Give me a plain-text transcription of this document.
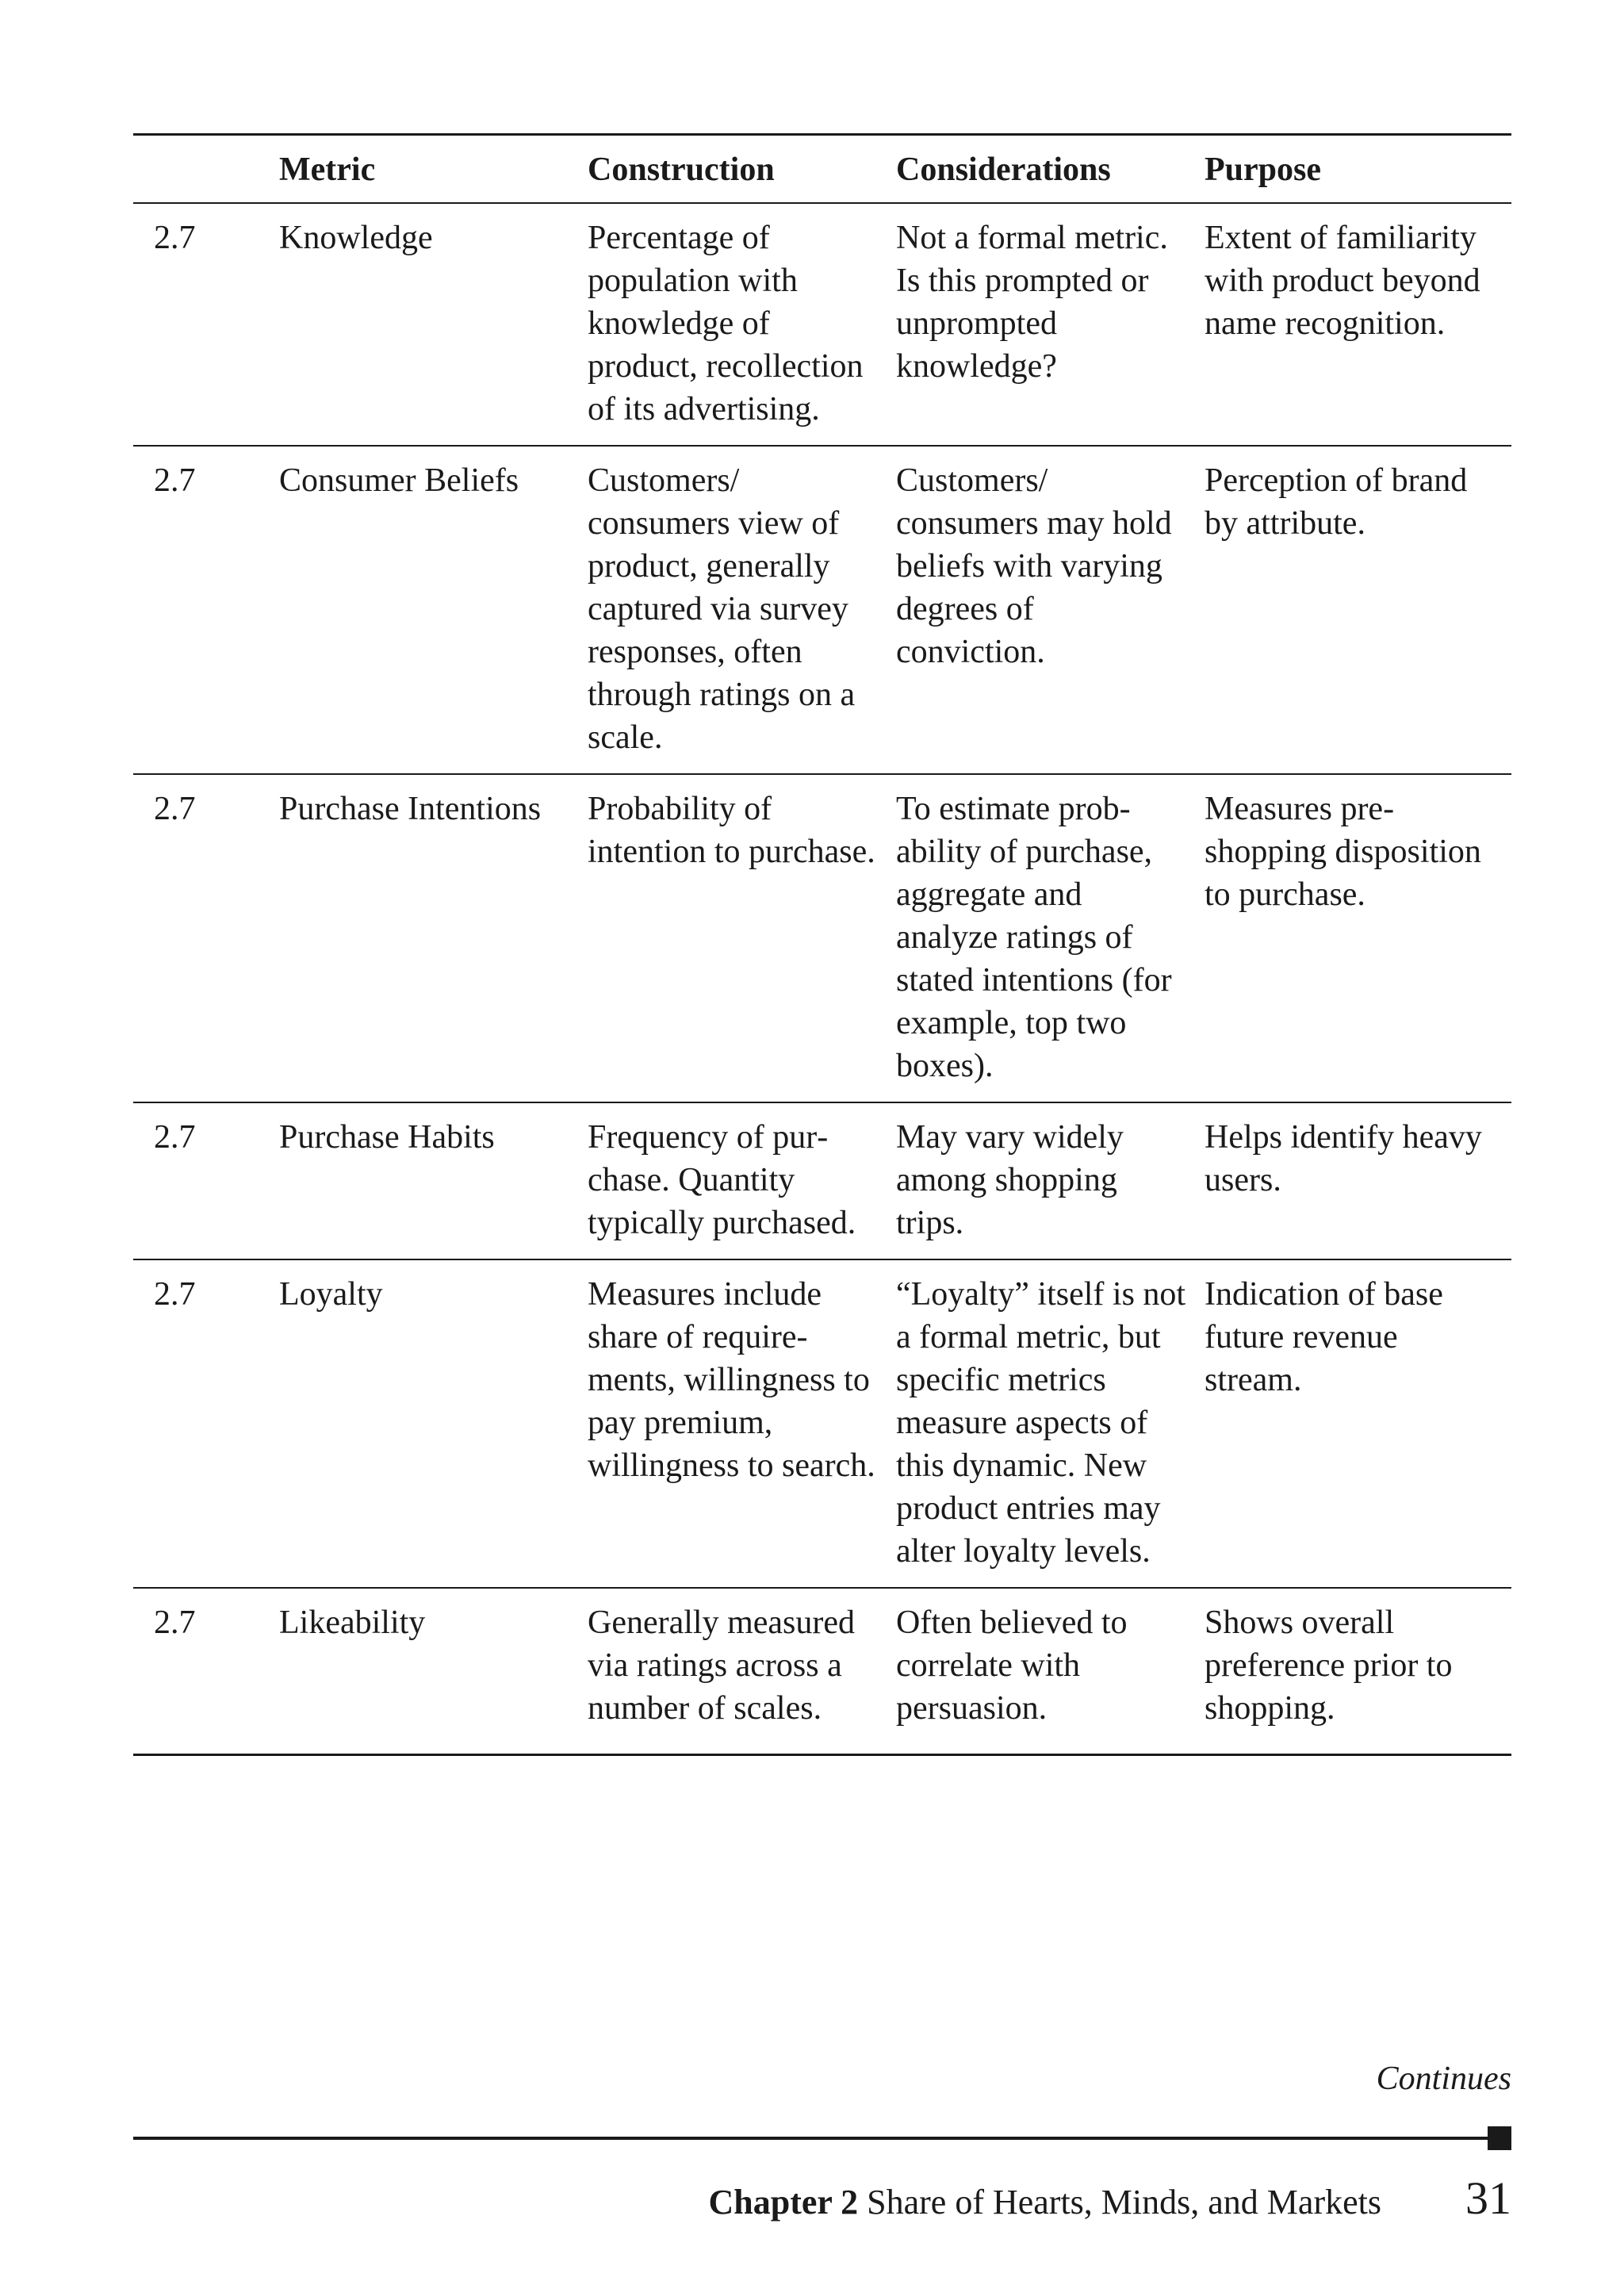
	Metric	Construction	Considerations	Purpose
2.7	Knowledge	Percentage of population with knowledge of product, recollection of its advertising.	Not a formal metric. Is this prompted or unprompted knowledge?	Extent of familiarity with product beyond name recognition.
2.7	Consumer Beliefs	Customers/ consumers view of product, generally captured via survey responses, often through ratings on a scale.	Customers/ consumers may hold beliefs with varying degrees of conviction.	Perception of brand by attribute.
2.7	Purchase Intentions	Probability of intention to purchase.	To estimate probability of purchase, aggregate and analyze ratings of stated intentions (for example, top two boxes).	Measures pre-shopping disposition to purchase.
2.7	Purchase Habits	Frequency of purchase. Quantity typically purchased.	May vary widely among shopping trips.	Helps identify heavy users.
2.7	Loyalty	Measures include share of requirements, willingness to pay premium, willingness to search.	“Loyalty” itself is not a formal metric, but specific metrics measure aspects of this dynamic. New product entries may alter loyalty levels.	Indication of base future revenue stream.
2.7	Likeability	Generally measured via ratings across a number of scales.	Often believed to correlate with persuasion.	Shows overall preference prior to shopping.
Continues
Chapter 2 Share of Hearts, Minds, and Markets 31
